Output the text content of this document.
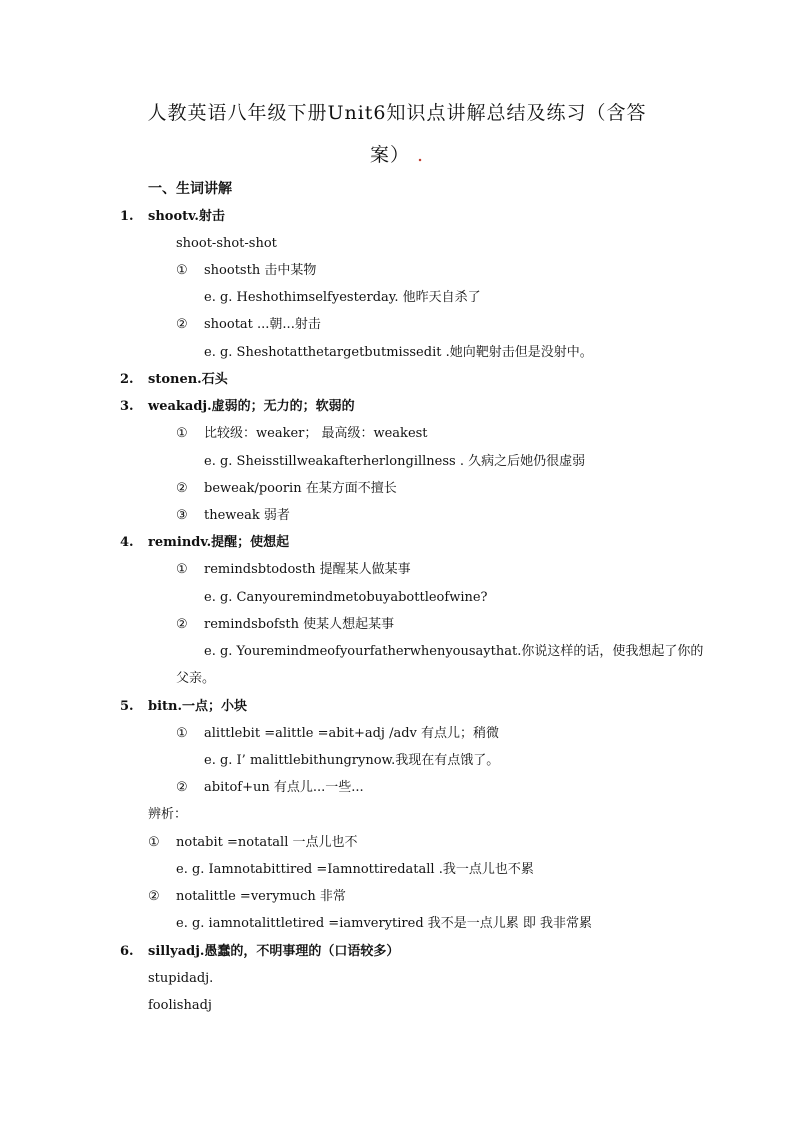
人教英语八年级下册Unit6知识点讲解总结及练习（含答
案） .
一、生词讲解
1.	shootv.射击
shoot-shot-shot
①	shootsth 击中某物
e. g. Heshothimselfyesterday. 他昨天自杀了
②	shootat ...朝...射击
e. g. Sheshotatthetargetbutmissedit .她向靶射击但是没射中。
2.	stonen.石头
3.	weakadj.虚弱的；无力的；软弱的
①	比较级：weaker； 最高级：weakest
e. g. Sheisstillweakafterherlongillness . 久病之后她仍很虚弱
②	beweak/poorin 在某方面不擅长
③	theweak 弱者
4.	remindv.提醒；使想起
①	remindsbtodosth 提醒某人做某事
e. g. Canyouremindmetobuyabottleofwine?
②	remindsbofsth 使某人想起某事
e. g. Youremindmeofyourfatherwhenyousaythat.你说这样的话，使我想起了你的
父亲。
5.	bitn.一点；小块
①	alittlebit =alittle =abit+adj /adv 有点儿；稍微
e. g. I’ malittlebithungrynow.我现在有点饿了。
②	abitof+un 有点儿...一些...
辨析：
①	notabit =notatall 一点儿也不
e. g. Iamnotabittired =Iamnottiredatall .我一点儿也不累
②	notalittle =verymuch 非常
e. g. iamnotalittletired =iamverytired 我不是一点儿累 即 我非常累
6.	sillyadj.愚蠢的，不明事理的（口语较多）
stupidadj.
foolishadj
